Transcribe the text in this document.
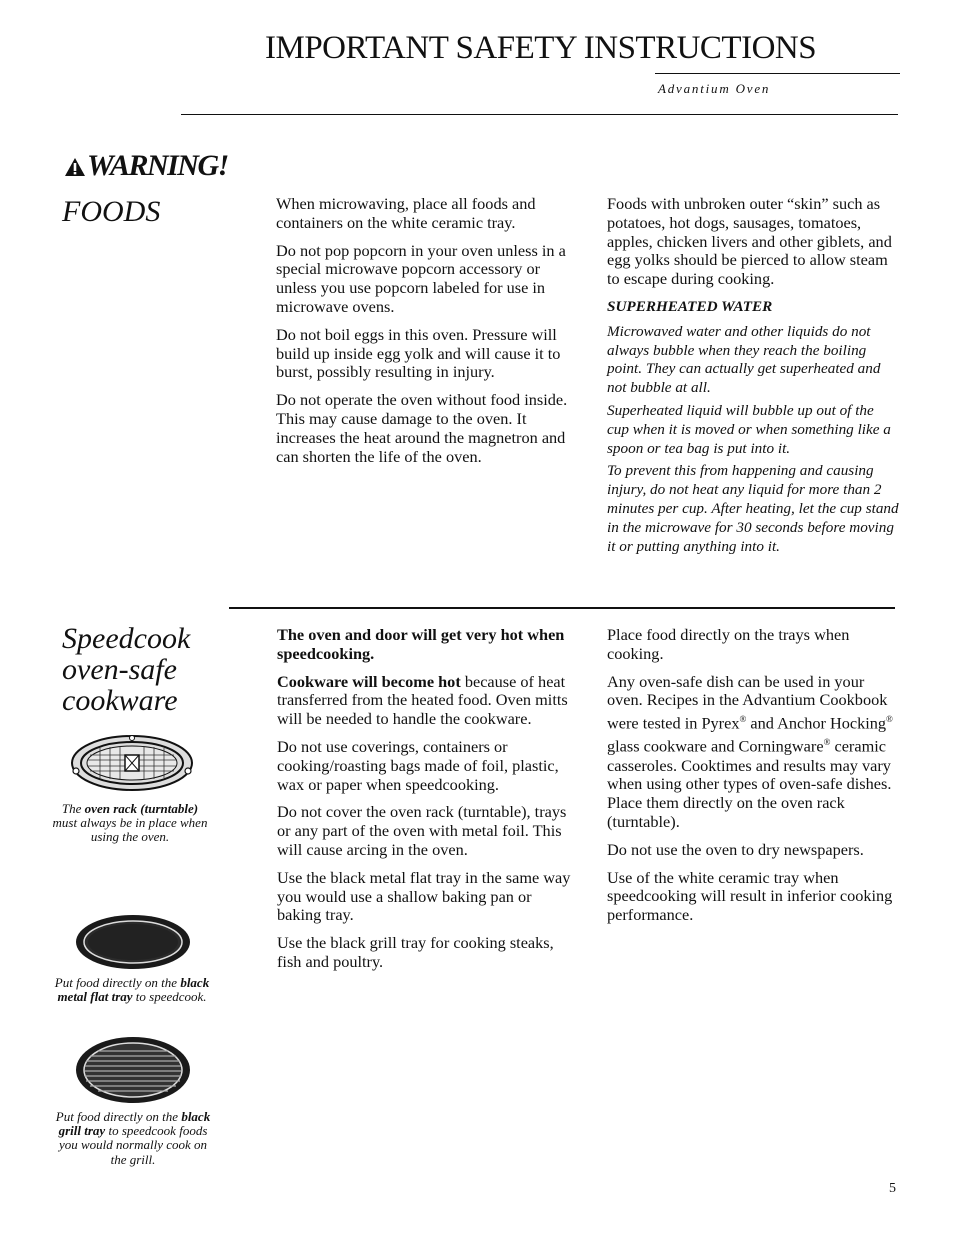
IMPORTANT SAFETY INSTRUCTIONS
Advantium Oven
WARNING!
FOODS	When microwaving, place all foods and containers on the white ceramic tray.

Do not pop popcorn in your oven unless in a special microwave popcorn accessory or unless you use popcorn labeled for use in microwave ovens.

Do not boil eggs in this oven. Pressure will build up inside egg yolk and will cause it to burst, possibly resulting in injury.

Do not operate the oven without food inside. This may cause damage to the oven. It increases the heat around the magnetron and can shorten the life of the oven.

Foods with unbroken outer “skin” such as potatoes, hot dogs, sausages, tomatoes, apples, chicken livers and other giblets, and egg yolks should be pierced to allow steam to escape during cooking.

SUPERHEATED WATER

Microwaved water and other liquids do not always bubble when they reach the boiling point. They can actually get superheated and not bubble at all.

Superheated liquid will bubble up out of the cup when it is moved or when something like a spoon or tea bag is put into it.

To prevent this from happening and causing injury, do not heat any liquid for more than 2 minutes per cup. After heating, let the cup stand in the microwave for 30 seconds before moving it or putting anything into it.

Speedcook
oven-safe
cookware
The oven rack (turntable) must always be in place when using the oven.
Put food directly on the black metal flat tray to speedcook.
Put food directly on the black grill tray to speedcook foods you would normally cook on the grill.

The oven and door will get very hot when speedcooking.

Cookware will become hot because of heat transferred from the heated food. Oven mitts will be needed to handle the cookware.

Do not use coverings, containers or cooking/roasting bags made of foil, plastic, wax or paper when speedcooking.

Do not cover the oven rack (turntable), trays or any part of the oven with metal foil. This will cause arcing in the oven.

Use the black metal flat tray in the same way you would use a shallow baking pan or baking tray.

Use the black grill tray for cooking steaks, fish and poultry.

Place food directly on the trays when cooking.

Any oven-safe dish can be used in your oven. Recipes in the Advantium Cookbook were tested in Pyrex® and Anchor Hocking® glass cookware and Corningware® ceramic casseroles. Cooktimes and results may vary when using other types of oven-safe dishes. Place them directly on the oven rack (turntable).

Do not use the oven to dry newspapers.

Use of the white ceramic tray when speedcooking will result in inferior cooking performance.

5
